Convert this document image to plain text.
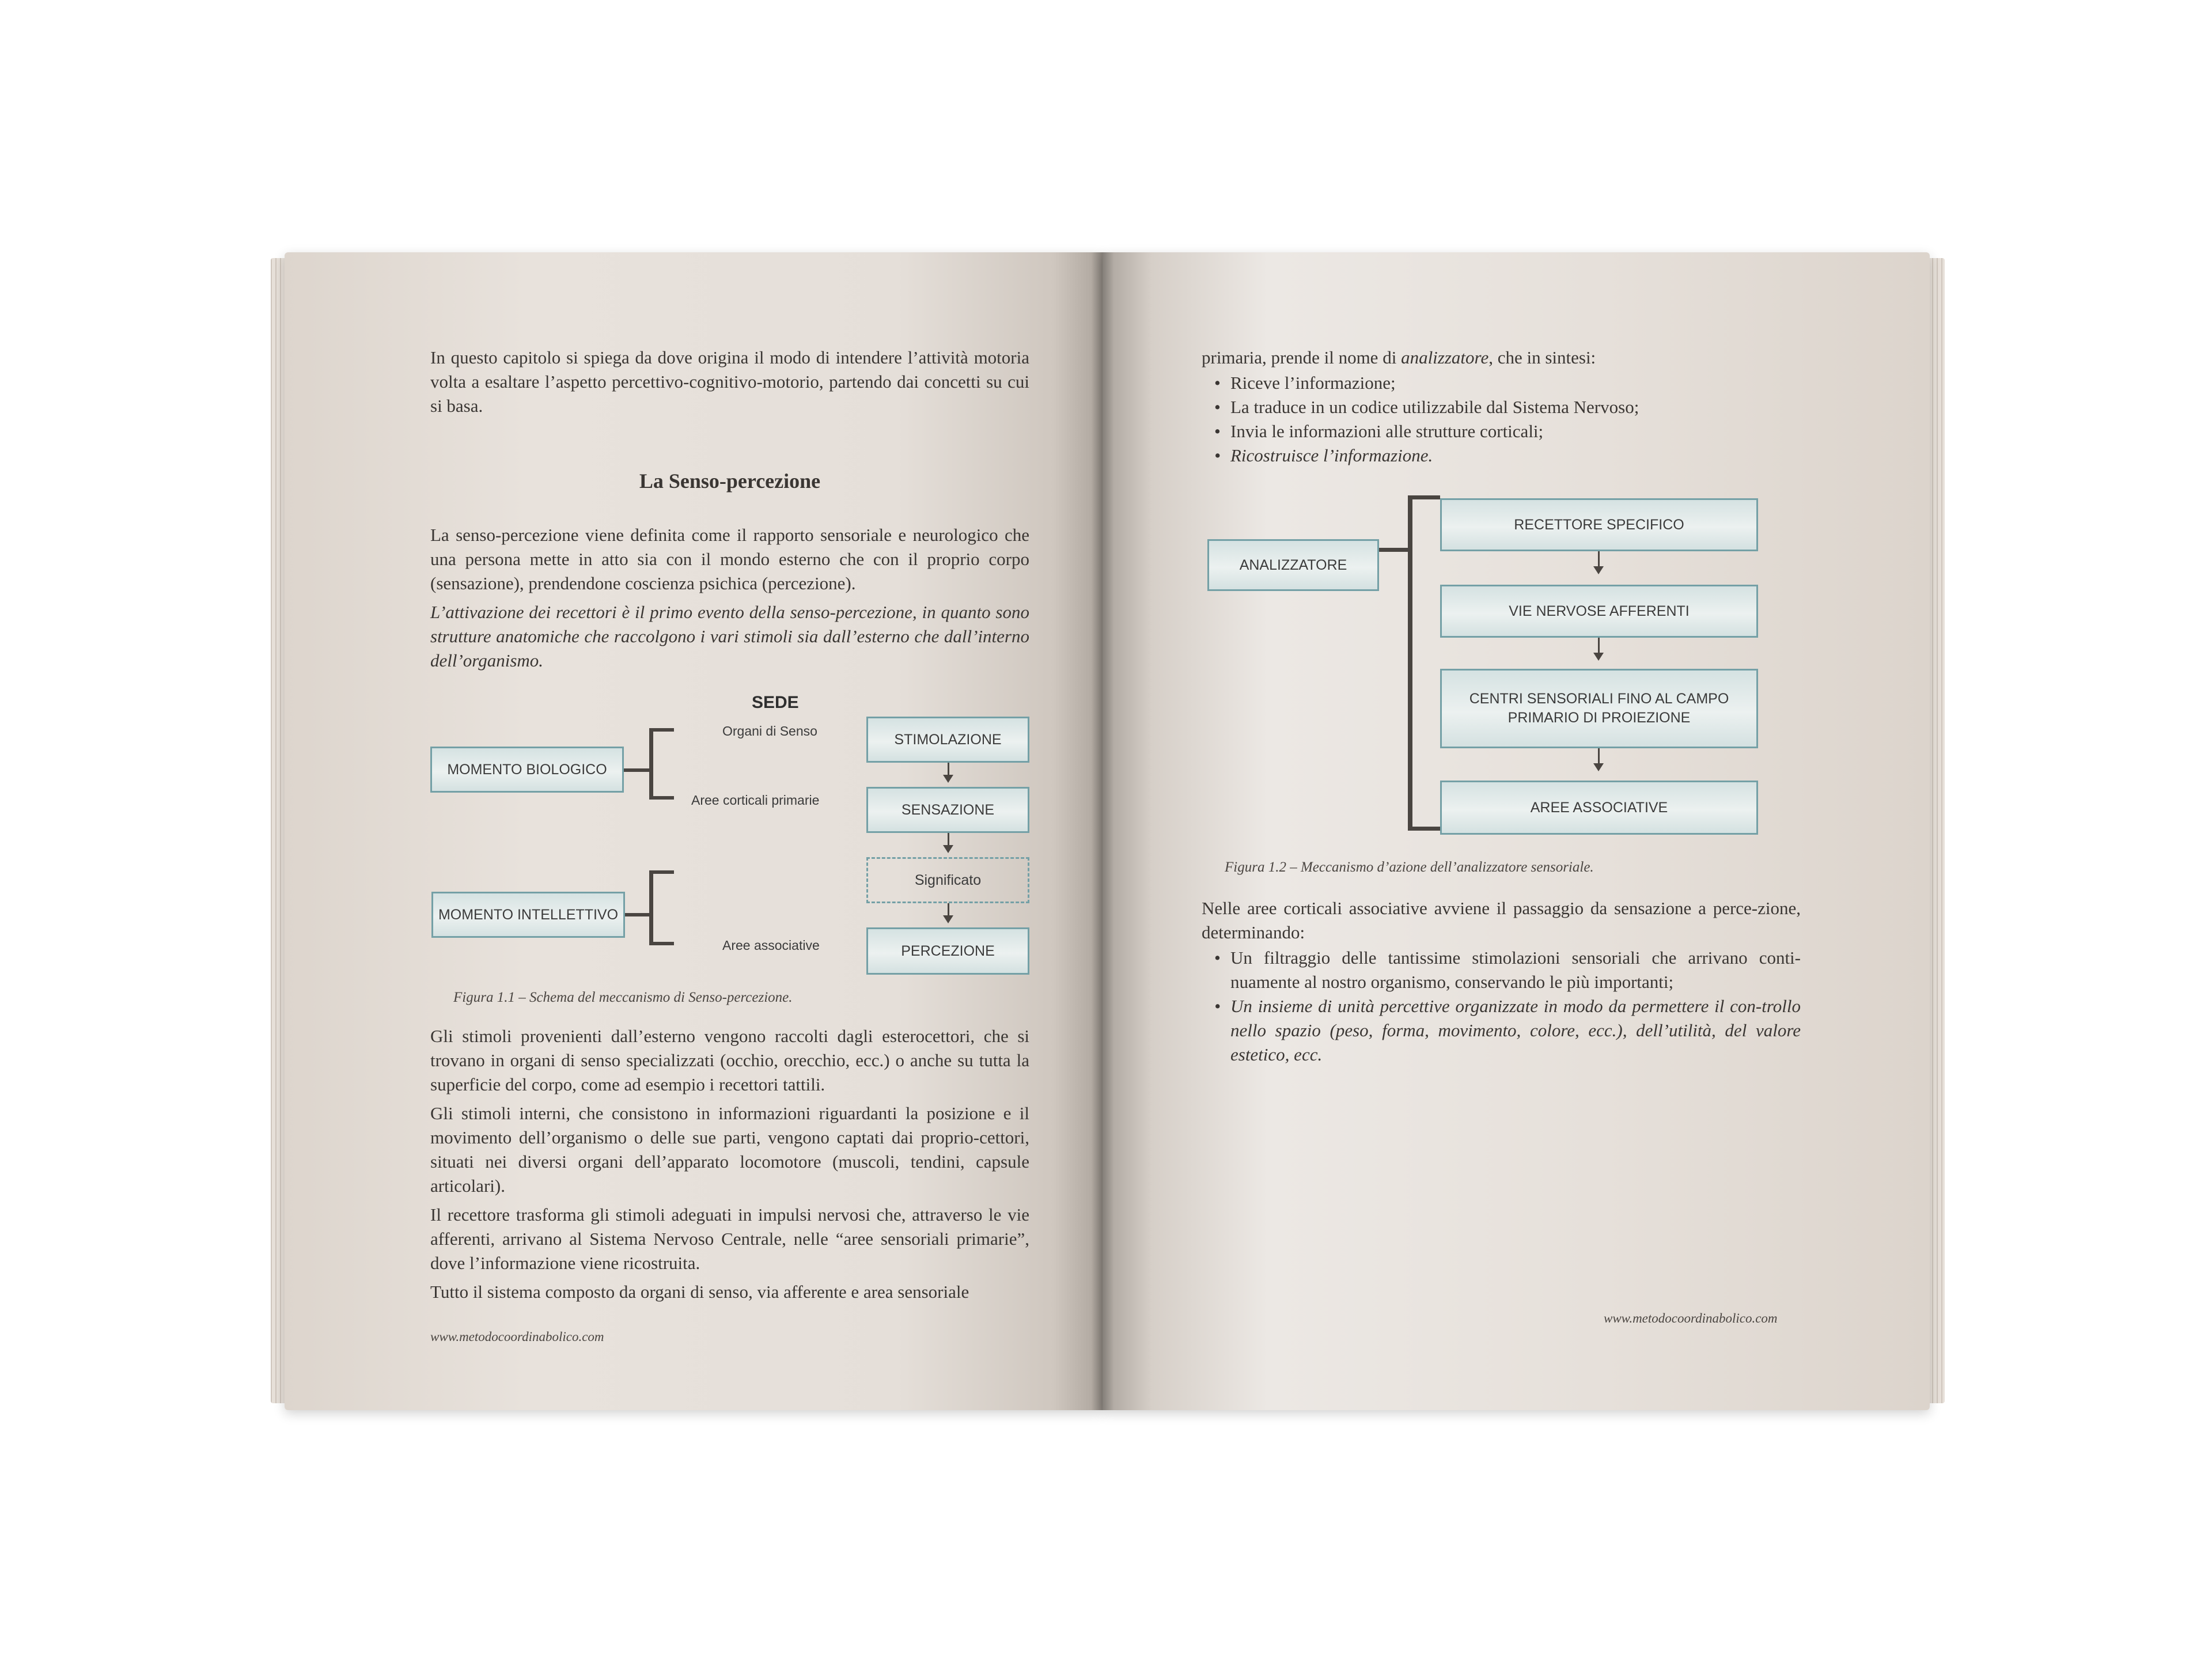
In questo capitolo si spiega da dove origina il modo di intendere l’attività motoria volta a esaltare l’aspetto percettivo-cognitivo-motorio, partendo dai concetti su cui si basa.
La Senso-percezione

La senso-percezione viene definita come il rapporto sensoriale e neurologico che una persona mette in atto sia con il mondo esterno che con il proprio corpo (sensazione), prendendone coscienza psichica (percezione).

L’attivazione dei recettori è il primo evento della senso-percezione, in quanto sono strutture anatomiche che raccolgono i vari stimoli sia dall’esterno che dall’interno dell’organismo.

SEDE
MOMENTO BIOLOGICO
MOMENTO INTELLETTIVO
Organi di Senso
Aree corticali primarie
Aree associative
STIMOLAZIONE
SENSAZIONE
Significato
PERCEZIONE
Figura 1.1 – Schema del meccanismo di Senso-percezione.

Gli stimoli provenienti dall’esterno vengono raccolti dagli esterocettori, che si trovano in organi di senso specializzati (occhio, orecchio, ecc.) o anche su tutta la superficie del corpo, come ad esempio i recettori tattili.

Gli stimoli interni, che consistono in informazioni riguardanti la posizione e il movimento dell’organismo o delle sue parti, vengono captati dai proprio-cettori, situati nei diversi organi dell’apparato locomotore (muscoli, tendini, capsule articolari).

Il recettore trasforma gli stimoli adeguati in impulsi nervosi che, attraverso le vie afferenti, arrivano al Sistema Nervoso Centrale, nelle “aree sensoriali primarie”, dove l’informazione viene ricostruita.

Tutto il sistema composto da organi di senso, via afferente e area sensoriale

www.metodocoordinabolico.com
primaria, prende il nome di analizzatore, che in sintesi:
• Riceve l’informazione;
• La traduce in un codice utilizzabile dal Sistema Nervoso;
• Invia le informazioni alle strutture corticali;
• Ricostruisce l’informazione.
ANALIZZATORE
RECETTORE SPECIFICO
VIE NERVOSE AFFERENTI
CENTRI SENSORIALI FINO AL CAMPO PRIMARIO DI PROIEZIONE
AREE ASSOCIATIVE
Figura 1.2 – Meccanismo d’azione dell’analizzatore sensoriale.
Nelle aree corticali associative avviene il passaggio da sensazione a perce-zione, determinando:
• Un filtraggio delle tantissime stimolazioni sensoriali che arrivano conti-nuamente al nostro organismo, conservando le più importanti;
• Un insieme di unità percettive organizzate in modo da permettere il con-trollo nello spazio (peso, forma, movimento, colore, ecc.), dell’utilità, del valore estetico, ecc.
www.metodocoordinabolico.com
